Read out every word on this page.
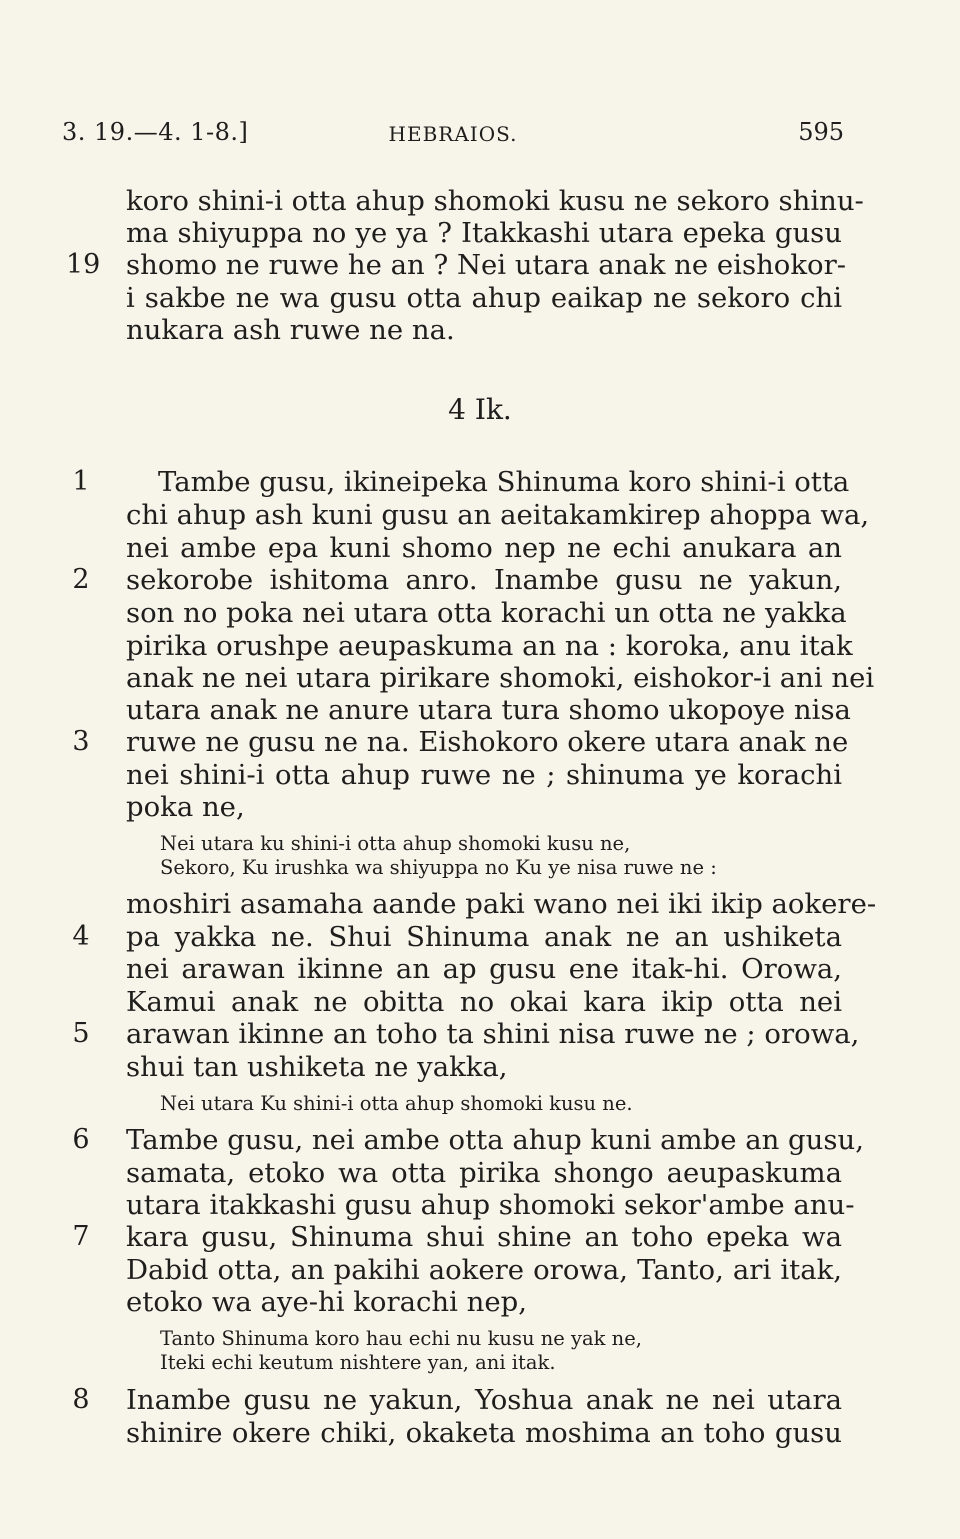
3. 19.—4. 1-8.]	HEBRAIOS.	595
koro shini-i otta ahup shomoki kusu ne sekoro shinu-
ma shiyuppa no ye ya ? Itakkashi utara epeka gusu
19 shomo ne ruwe he an ? Nei utara anak ne eishokor-
i sakbe ne wa gusu otta ahup eaikap ne sekoro chi
nukara ash ruwe ne na.
4 Ik.
1 Tambe gusu, ikineipeka Shinuma koro shini-i otta
chi ahup ash kuni gusu an aeitakamkirep ahoppa wa,
nei ambe epa kuni shomo nep ne echi anukara an
2 sekorobe ishitoma anro. Inambe gusu ne yakun,
son no poka nei utara otta korachi un otta ne yakka
pirika orushpe aeupaskuma an na : koroka, anu itak
anak ne nei utara pirikare shomoki, eishokor-i ani nei
utara anak ne anure utara tura shomo ukopoye nisa
3 ruwe ne gusu ne na. Eishokoro okere utara anak ne
nei shini-i otta ahup ruwe ne ; shinuma ye korachi
poka ne,
Nei utara ku shini-i otta ahup shomoki kusu ne,
Sekoro, Ku irushka wa shiyuppa no Ku ye nisa ruwe ne :
moshiri asamaha aande paki wano nei iki ikip aokere-
4 pa yakka ne. Shui Shinuma anak ne an ushiketa
nei arawan ikinne an ap gusu ene itak-hi. Orowa,
Kamui anak ne obitta no okai kara ikip otta nei
5 arawan ikinne an toho ta shini nisa ruwe ne ; orowa,
shui tan ushiketa ne yakka,
Nei utara Ku shini-i otta ahup shomoki kusu ne.
6 Tambe gusu, nei ambe otta ahup kuni ambe an gusu,
samata, etoko wa otta pirika shongo aeupaskuma
utara itakkashi gusu ahup shomoki sekor'ambe anu-
7 kara gusu, Shinuma shui shine an toho epeka wa
Dabid otta, an pakihi aokere orowa, Tanto, ari itak,
etoko wa aye-hi korachi nep,
Tanto Shinuma koro hau echi nu kusu ne yak ne,
Iteki echi keutum nishtere yan, ani itak.
8 Inambe gusu ne yakun, Yoshua anak ne nei utara
shinire okere chiki, okaketa moshima an toho gusu
